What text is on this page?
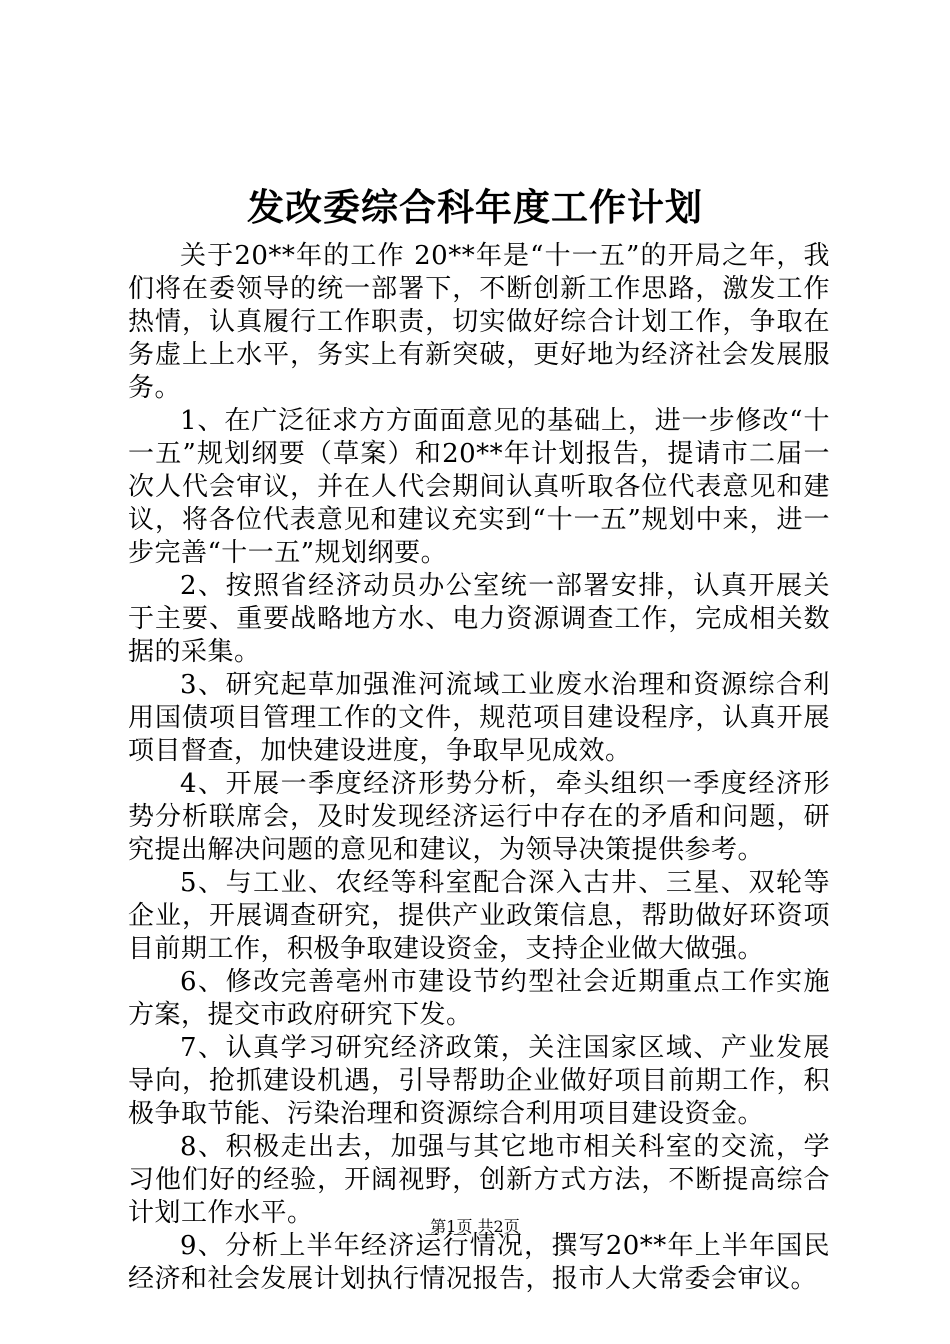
发改委综合科年度工作计划

关于20**年的工作 20**年是“十一五”的开局之年，我们将在委领导的统一部署下，不断创新工作思路，激发工作热情，认真履行工作职责，切实做好综合计划工作，争取在务虚上上水平，务实上有新突破，更好地为经济社会发展服务。

1、在广泛征求方方面面意见的基础上，进一步修改“十一五”规划纲要（草案）和20**年计划报告，提请市二届一次人代会审议，并在人代会期间认真听取各位代表意见和建议，将各位代表意见和建议充实到“十一五”规划中来，进一步完善“十一五”规划纲要。

2、按照省经济动员办公室统一部署安排，认真开展关于主要、重要战略地方水、电力资源调查工作，完成相关数据的采集。

3、研究起草加强淮河流域工业废水治理和资源综合利用国债项目管理工作的文件，规范项目建设程序，认真开展项目督查，加快建设进度，争取早见成效。

4、开展一季度经济形势分析，牵头组织一季度经济形势分析联席会，及时发现经济运行中存在的矛盾和问题，研究提出解决问题的意见和建议，为领导决策提供参考。

5、与工业、农经等科室配合深入古井、三星、双轮等企业，开展调查研究，提供产业政策信息，帮助做好环资项目前期工作，积极争取建设资金，支持企业做大做强。

6、修改完善亳州市建设节约型社会近期重点工作实施方案，提交市政府研究下发。

7、认真学习研究经济政策，关注国家区域、产业发展导向，抢抓建设机遇，引导帮助企业做好项目前期工作，积极争取节能、污染治理和资源综合利用项目建设资金。

8、积极走出去，加强与其它地市相关科室的交流，学习他们好的经验，开阔视野，创新方式方法，不断提高综合计划工作水平。

9、分析上半年经济运行情况，撰写20**年上半年国民经济和社会发展计划执行情况报告，报市人大常委会审议。

第1页 共2页
